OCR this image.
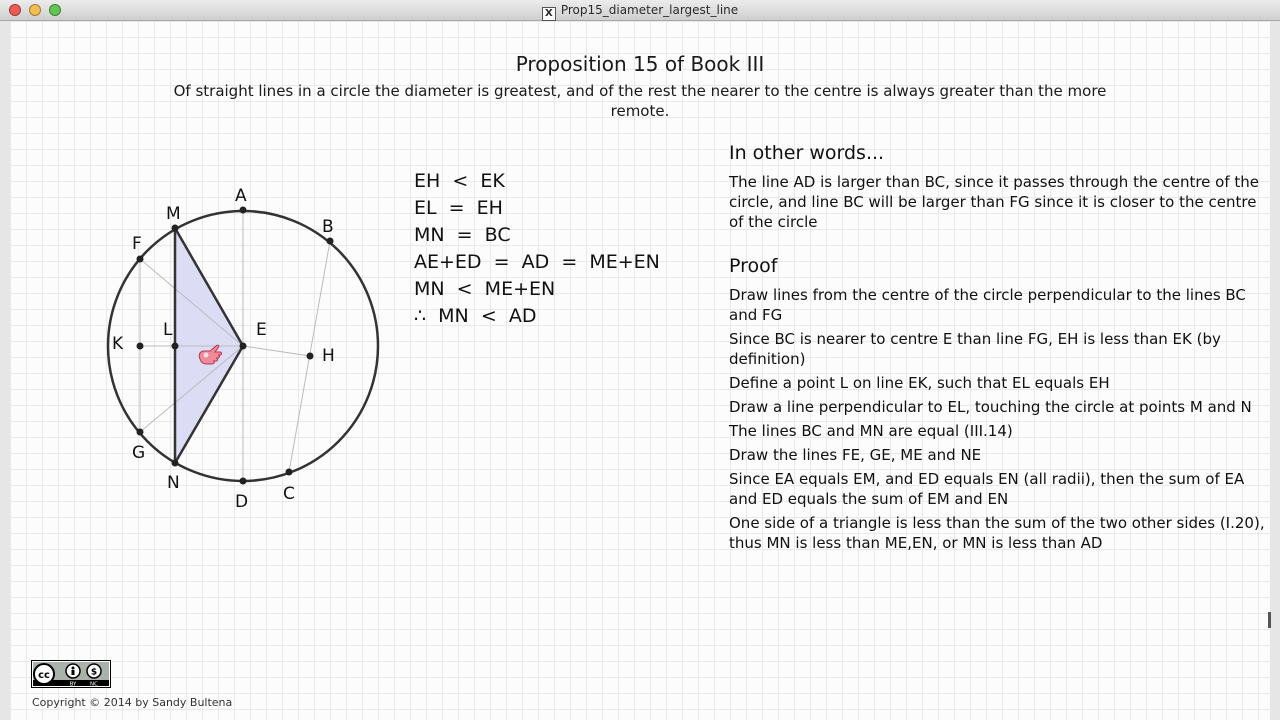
X Prop15_diameter_largest_line
Proposition 15 of Book III
Of straight lines in a circle the diameter is greatest, and of the rest the nearer to the centre is always greater than the more remote.
A
B
C
D
E
F
G
H
K
L
M
N
EH  <  EK
EL  =  EH
MN  =  BC
AE+ED  =  AD  =  ME+EN
MN  <  ME+EN
∴  MN  <  AD
In other words...
The line AD is larger than BC, since it passes through the centre of the circle, and line BC will be larger than FG since it is closer to the centre of the circle
Proof
Draw lines from the centre of the circle perpendicular to the lines BC and FG
Since BC is nearer to centre E than line FG, EH is less than EK (by definition)
Define a point L on line EK, such that EL equals EH
Draw a line perpendicular to EL, touching the circle at points M and N
The lines BC and MN are equal (III.14)
Draw the lines FE, GE, ME and NE
Since EA equals EM, and ED equals EN (all radii), then the sum of EA and ED equals the sum of EM and EN
One side of a triangle is less than the sum of the two other sides (I.20), thus MN is less than ME,EN, or MN is less than AD
cc	$
BY NC
Copyright © 2014 by Sandy Bultena
